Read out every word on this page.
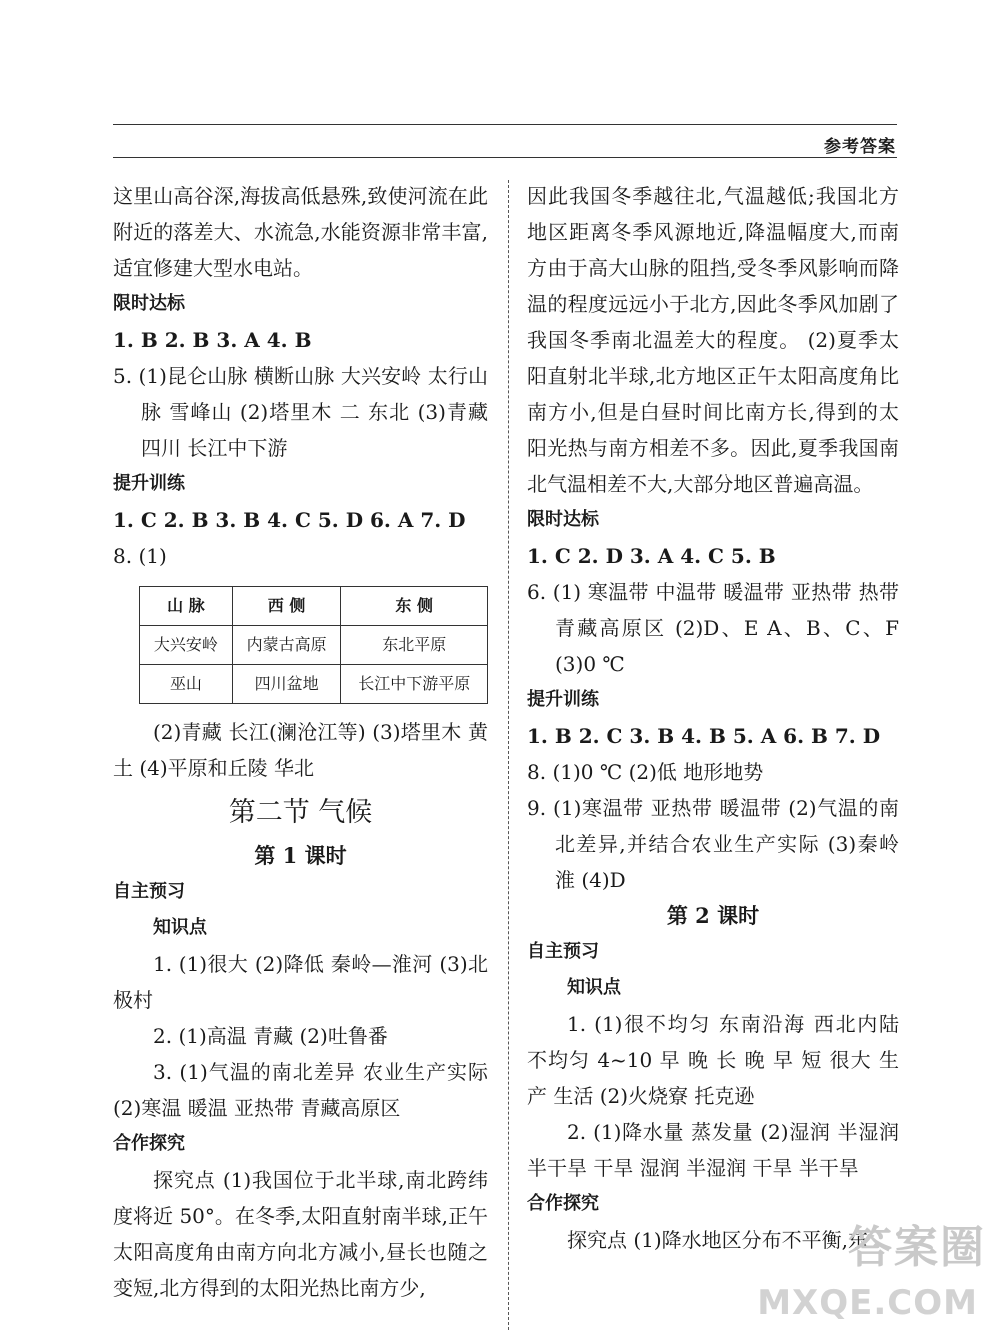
参考答案

这里山高谷深,海拔高低悬殊,致使河流在此附近的落差大、水流急,水能资源非常丰富,适宜修建大型水电站。

限时达标

1. B 2. B 3. A 4. B

5. (1)昆仑山脉 横断山脉 大兴安岭 太行山脉 雪峰山 (2)塔里木 二 东北 (3)青藏 四川 长江中下游

提升训练

1. C 2. B 3. B 4. C 5. D 6. A 7. D

8. (1)

山 脉	西 侧	东 侧
大兴安岭	内蒙古高原	东北平原
巫山	四川盆地	长江中下游平原

(2)青藏 长江(澜沧江等) (3)塔里木 黄土 (4)平原和丘陵 华北

第二节 气候

第 1 课时

自主预习

知识点

1. (1)很大 (2)降低 秦岭—淮河 (3)北极村

2. (1)高温 青藏 (2)吐鲁番

3. (1)气温的南北差异 农业生产实际 (2)寒温 暖温 亚热带 青藏高原区

合作探究

探究点 (1)我国位于北半球,南北跨纬度将近 50°。在冬季,太阳直射南半球,正午太阳高度角由南方向北方减小,昼长也随之变短,北方得到的太阳光热比南方少,

因此我国冬季越往北,气温越低;我国北方地区距离冬季风源地近,降温幅度大,而南方由于高大山脉的阻挡,受冬季风影响而降温的程度远远小于北方,因此冬季风加剧了我国冬季南北温差大的程度。 (2)夏季太阳直射北半球,北方地区正午太阳高度角比南方小,但是白昼时间比南方长,得到的太阳光热与南方相差不多。因此,夏季我国南北气温相差不大,大部分地区普遍高温。

限时达标

1. C 2. D 3. A 4. C 5. B

6. (1) 寒温带 中温带 暖温带 亚热带 热带 青藏高原区 (2)D、E A、B、C、F (3)0 ℃

提升训练

1. B 2. C 3. B 4. B 5. A 6. B 7. D

8. (1)0 ℃ (2)低 地形地势

9. (1)寒温带 亚热带 暖温带 (2)气温的南北差异,并结合农业生产实际 (3)秦岭 淮 (4)D

第 2 课时

自主预习

知识点

1. (1)很不均匀 东南沿海 西北内陆 不均匀 4~10 早 晚 长 晚 早 短 很大 生产 生活 (2)火烧寮 托克逊

2. (1)降水量 蒸发量 (2)湿润 半湿润 半干旱 干旱 湿润 半湿润 干旱 半干旱

合作探究

探究点 (1)降水地区分布不平衡,东

答案圈
MXQE.COM
